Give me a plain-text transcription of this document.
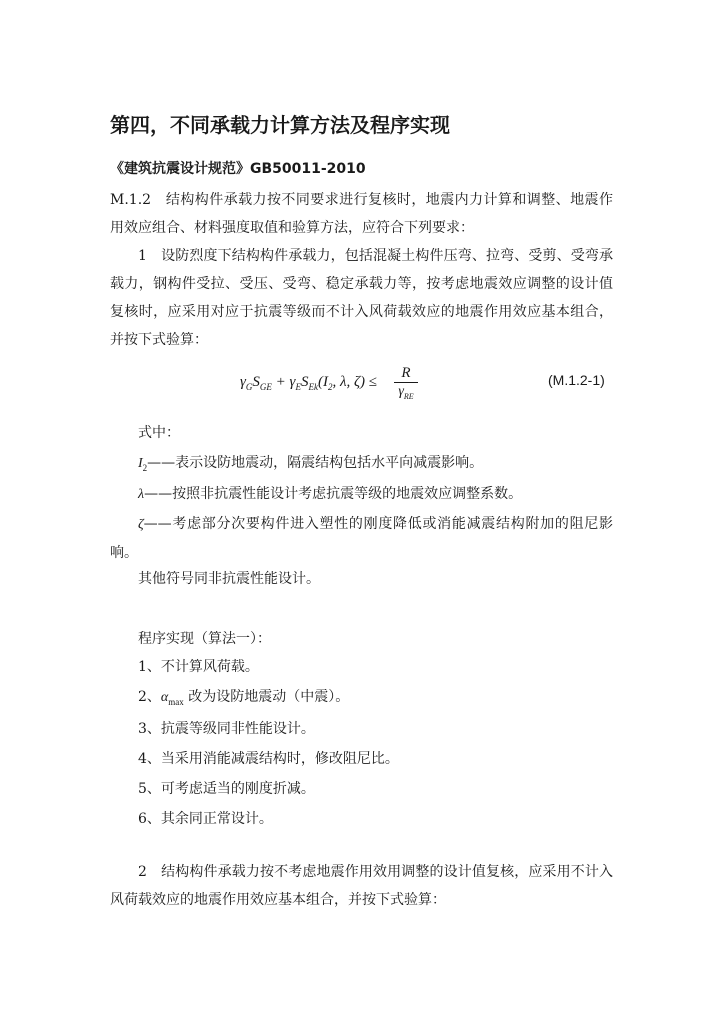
第四，不同承载力计算方法及程序实现
《建筑抗震设计规范》GB50011-2010
M.1.2　结构构件承载力按不同要求进行复核时，地震内力计算和调整、地震作用效应组合、材料强度取值和验算方法，应符合下列要求：
1　设防烈度下结构构件承载力，包括混凝土构件压弯、拉弯、受剪、受弯承载力，钢构件受拉、受压、受弯、稳定承载力等，按考虑地震效应调整的设计值复核时，应采用对应于抗震等级而不计入风荷载效应的地震作用效应基本组合，并按下式验算：
$\gamma_GS_{GE} + \gamma_ES_{Ek}(I_2$, λ, ζ) ≤
R
$\gamma_{RE}$
(M.1.2-1)
式中：
$I_2——$表示设防地震动，隔震结构包括水平向减震影响。
λ——按照非抗震性能设计考虑抗震等级的地震效应调整系数。
ζ——考虑部分次要构件进入塑性的刚度降低或消能减震结构附加的阻尼影响。
其他符号同非抗震性能设计。
程序实现（算法一）：
1、不计算风荷载。
2、$\alpha_{max}$ 改为设防地震动（中震）。
3、抗震等级同非性能设计。
4、当采用消能减震结构时，修改阻尼比。
5、可考虑适当的刚度折减。
6、其余同正常设计。
2　结构构件承载力按不考虑地震作用效用调整的设计值复核，应采用不计入风荷载效应的地震作用效应基本组合，并按下式验算：
